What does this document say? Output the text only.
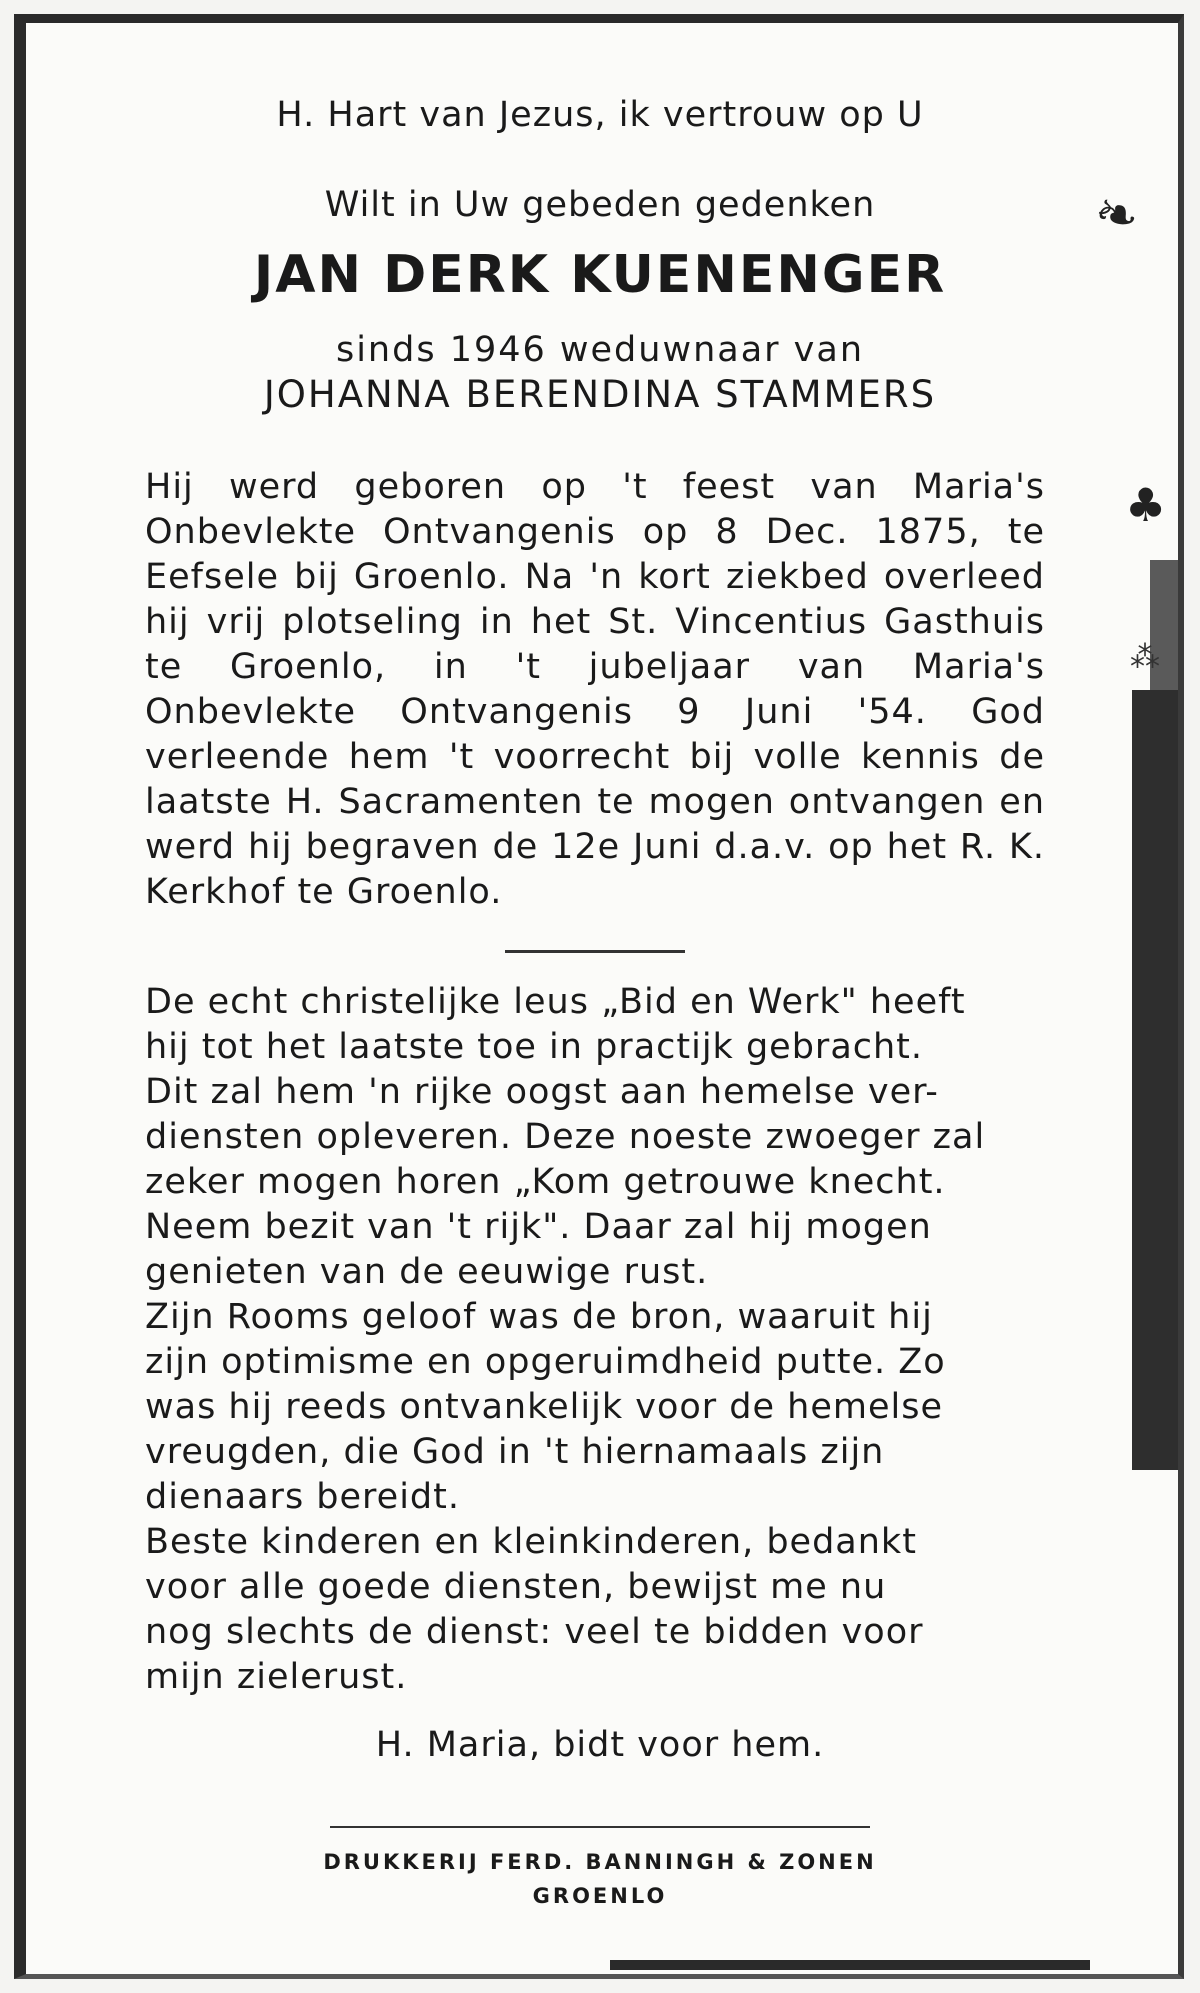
❧
♣
⁂
H. Hart van Jezus, ik vertrouw op U
Wilt in Uw gebeden gedenken
JAN DERK KUENENGER
sinds 1946 weduwnaar van
JOHANNA BERENDINA STAMMERS
Hij werd geboren op 't feest van Maria's Onbevlekte Ontvangenis op 8 Dec. 1875, te Eefsele bij Groenlo. Na 'n kort ziekbed overleed hij vrij plotseling in het St. Vincentius Gasthuis te Groenlo, in 't jubeljaar van Maria's Onbevlekte Ontvangenis 9 Juni '54. God verleende hem 't voorrecht bij volle kennis de laatste H. Sacramenten te mogen ontvangen en werd hij begraven de 12e Juni d.a.v. op het R. K. Kerkhof te Groenlo.
De echt christelijke leus „Bid en Werk" heeft
hij tot het laatste toe in practijk gebracht.
Dit zal hem 'n rijke oogst aan hemelse ver-
diensten opleveren. Deze noeste zwoeger zal
zeker mogen horen „Kom getrouwe knecht.
Neem bezit van 't rijk". Daar zal hij mogen
genieten van de eeuwige rust.
Zijn Rooms geloof was de bron, waaruit hij
zijn optimisme en opgeruimdheid putte. Zo
was hij reeds ontvankelijk voor de hemelse
vreugden, die God in 't hiernamaals zijn
dienaars bereidt.
Beste kinderen en kleinkinderen, bedankt
voor alle goede diensten, bewijst me nu
nog slechts de dienst: veel te bidden voor
mijn zielerust.
H. Maria, bidt voor hem.
DRUKKERIJ FERD. BANNINGH & ZONEN
GROENLO
